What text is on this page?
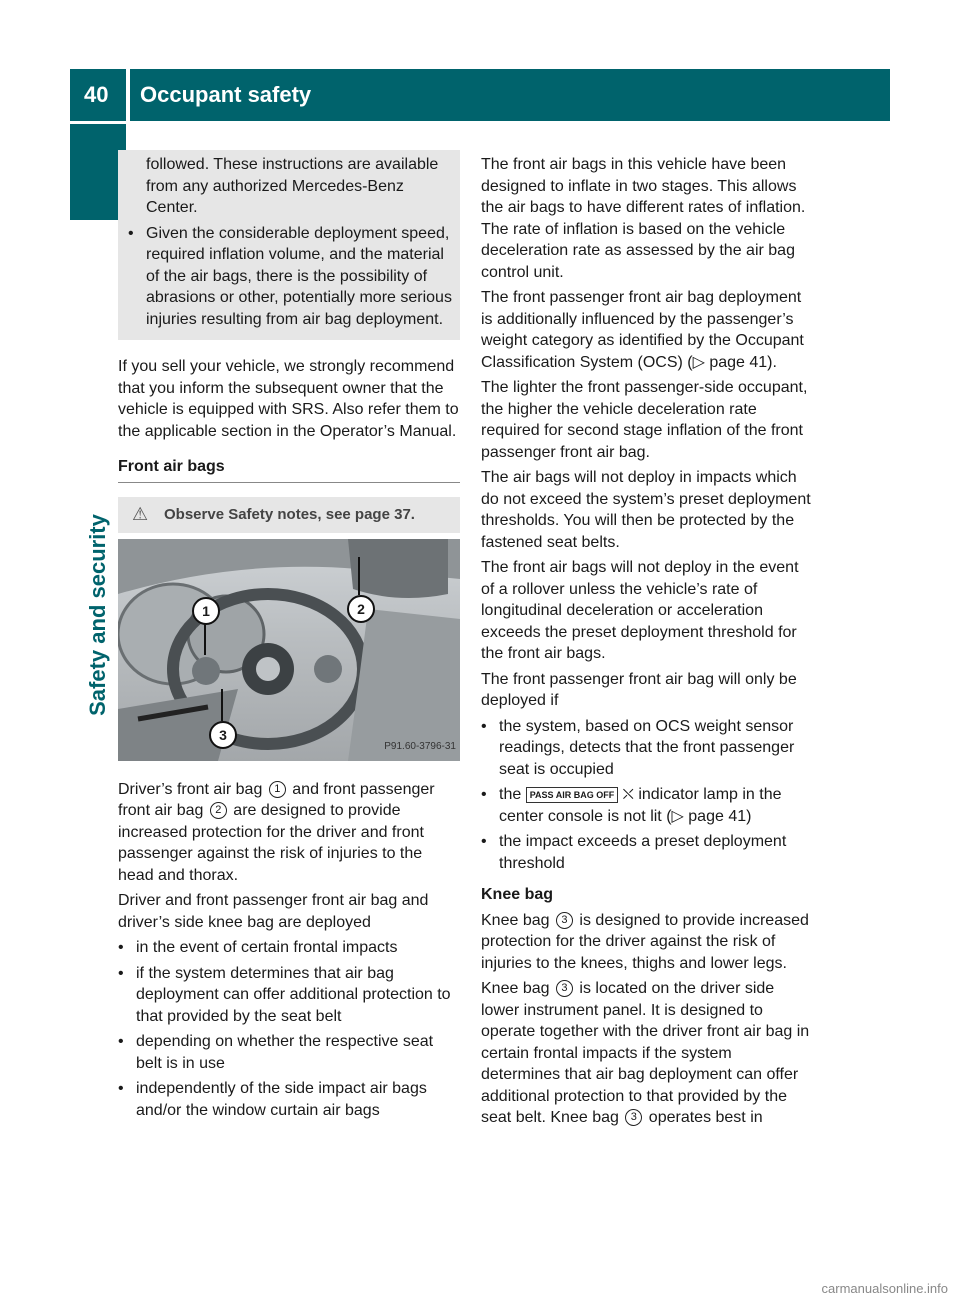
40	Occupant safety
Safety and security

followed. These instructions are available from any authorized Mercedes-Benz Center.

• Given the considerable deployment speed, required inflation volume, and the material of the air bags, there is the possibility of abrasions or other, potentially more serious injuries resulting from air bag deployment.

If you sell your vehicle, we strongly recommend that you inform the subsequent owner that the vehicle is equipped with SRS. Also refer them to the applicable section in the Operator’s Manual.

Front air bags
⚠ Observe Safety notes, see page 37.
1	2
3
P91.60-3796-31

Driver’s front air bag 1 and front passenger front air bag 2 are designed to provide increased protection for the driver and front passenger against the risk of injuries to the head and thorax.

Driver and front passenger front air bag and driver’s side knee bag are deployed

• in the event of certain frontal impacts
• if the system determines that air bag deployment can offer additional protection to that provided by the seat belt
• depending on whether the respective seat belt is in use
• independently of the side impact air bags and/or the window curtain air bags

The front air bags in this vehicle have been designed to inflate in two stages. This allows the air bags to have different rates of inflation. The rate of inflation is based on the vehicle deceleration rate as assessed by the air bag control unit.

The front passenger front air bag deployment is additionally influenced by the passenger’s weight category as identified by the Occupant Classification System (OCS) (▷ page 41).

The lighter the front passenger-side occupant, the higher the vehicle deceleration rate required for second stage inflation of the front passenger front air bag.

The air bags will not deploy in impacts which do not exceed the system’s preset deployment thresholds. You will then be protected by the fastened seat belts.

The front air bags will not deploy in the event of a rollover unless the vehicle’s rate of longitudinal deceleration or acceleration exceeds the preset deployment threshold for the front air bags.

The front passenger front air bag will only be deployed if

• the system, based on OCS weight sensor readings, detects that the front passenger seat is occupied
• the PASS AIR BAG OFF ⛌ indicator lamp in the center console is not lit (▷ page 41)
• the impact exceeds a preset deployment threshold
Knee bag

Knee bag 3 is designed to provide increased protection for the driver against the risk of injuries to the knees, thighs and lower legs.

Knee bag 3 is located on the driver side lower instrument panel. It is designed to operate together with the driver front air bag in certain frontal impacts if the system determines that air bag deployment can offer additional protection to that provided by the seat belt. Knee bag 3 operates best in

carmanualsonline.info
